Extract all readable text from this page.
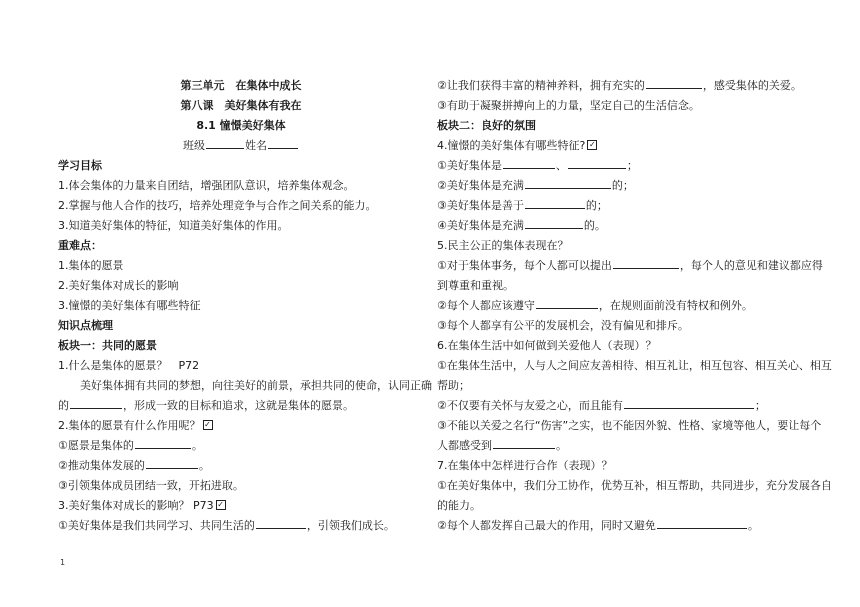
第三单元　在集体中成长
第八课　美好集体有我在
8.1 憧憬美好集体
班级	姓名
学习目标
1.体会集体的力量来自团结，增强团队意识，培养集体观念。
2.掌握与他人合作的技巧，培养处理竞争与合作之间关系的能力。
3.知道美好集体的特征，知道美好集体的作用。
重难点：
1.集体的愿景
2.美好集体对成长的影响
3.憧憬的美好集体有哪些特征
知识点梳理
板块一：共同的愿景
1.什么是集体的愿景？　P72
美好集体拥有共同的梦想，向往美好的前景，承担共同的使命，认同正确
的	，形成一致的目标和追求，这就是集体的愿景。
2.集体的愿景有什么作用呢？ ✓
①愿景是集体的	。
②推动集体发展的	。
③引领集体成员团结一致，开拓进取。
3.美好集体对成长的影响？ P73 ✓
①美好集体是我们共同学习、共同生活的	，引领我们成长。
②让我们获得丰富的精神养料，拥有充实的	，感受集体的关爱。
③有助于凝聚拼搏向上的力量，坚定自己的生活信念。
板块二：良好的氛围
4.憧憬的美好集体有哪些特征? ✓
①美好集体是	、	；
②美好集体是充满	的；
③美好集体是善于	的；
④美好集体是充满	的。
5.民主公正的集体表现在？
①对于集体事务，每个人都可以提出	，每个人的意见和建议都应得
到尊重和重视。
②每个人都应该遵守	，在规则面前没有特权和例外。
③每个人都享有公平的发展机会，没有偏见和排斥。
6.在集体生活中如何做到关爱他人（表现）？
①在集体生活中，人与人之间应友善相待、相互礼让，相互包容、相互关心、相互
帮助；
②不仅要有关怀与友爱之心，而且能有	；
③不能以关爱之名行“伤害”之实，也不能因外貌、性格、家境等他人，要让每个
人都感受到	。
7.在集体中怎样进行合作（表现）？
①在美好集体中，我们分工协作，优势互补，相互帮助，共同进步，充分发展各自
的能力。
②每个人都发挥自己最大的作用，同时又避免	。
1
